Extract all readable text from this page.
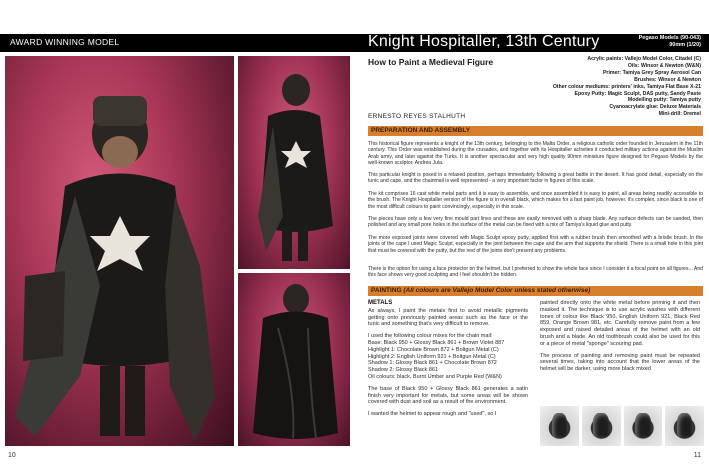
AWARD WINNING MODEL
10
Knight Hospitaller, 13th Century	Pegaso Models (90-043)
90mm (1/20)
How to Paint a Medieval Figure	Acrylic paints: Vallejo Model Color, Citadel (C)
Oils: Winsor & Newton (W&N)
Primer: Tamiya Grey Spray Aerosol Can
Brushes: Winsor & Newton
Other colour mediums: printers' inks, Tamiya Flat Base X-21
Epoxy Putty: Magic Sculpt, DAS putty, Sandy Paste
Modelling putty: Tamiya putty
Cyanoacrylate glue: Deluxe Materials
Mini-drill: Dremel
ERNESTO REYES STALHUTH
PREPARATION AND ASSEMBLY
This historical figure represents a knight of the 13th century, belonging to the Malta Order, a religious catholic order founded in Jerusalem in the 11th century. This Order was established during the crusades, and together with its Hospitaller activities it conducted military actions against the Muslim Arab army, and later against the Turks. It is another spectacular and very high quality 90mm miniature figure designed for Pegaso Models by the well-known sculptor, Andrea Jula.
This particular knight is posed in a relaxed position, perhaps immediately following a great battle in the desert. It has good detail, especially on the tunic and cape, and the chainmail is well represented - a very important factor in figures of this scale.
The kit comprises 16 cast white metal parts and it is easy to assemble, and once assembled it is easy to paint, all areas being readily accessible to the brush. The Knight Hospitaller version of the figure is in overall black, which makes for a fast paint job, however, it's complex, since black is one of the most difficult colours to paint convincingly, especially in this scale.
The pieces have only a few very fine mould part lines and these are easily removed with a sharp blade. Any surface defects can be sanded, then polished and any small pore holes in the surface of the metal can be fixed with a mix of Tamiya's liquid glue and putty.
The more exposed joints were covered with Magic Sculpt epoxy putty, applied first with a rubber brush then smoothed with a bristle brush. In the joints of the cape I used Magic Sculpt, especially in the joint between the cape and the arm that supports the shield. There is a small hole in this joint that must be covered with the putty, but the rest of the joints don't present any problems.
There is the option for using a face protector on the helmet, but I preferred to show the whole face since I consider it a focal point on all figures... And this face shows very good sculpting and I feel shouldn't be hidden.
PAINTING (All colours are Vallejo Model Color unless stated otherwise)
METALS

As always, I paint the metals first to avoid metallic pigments getting onto previously painted areas such as the face or the tunic and something that's very difficult to remove.

I used the following colour mixes for the chain mail:
Base: Black 950 + Glossy Black 861 + Brown Violet 887
Highlight 1: Chocolate Brown 872 + Boltgun Metal (C)
Highlight 2: English Uniform 921 + Boltgun Metal (C)
Shadow 1: Glossy Black 861 + Chocolate Brown 872
Shadow 2: Glossy Black 861
Oil colours: black, Burnt Umber and Purple Red (W&N)

The base of Black 950 + Glossy Black 861 generates a satin finish very important for metals, but some areas will be shown covered with dust and soil as a result of the environment.

I wanted the helmet to appear rough and "used", so I

painted directly onto the white metal before priming it and then masked it. The technique is to use acrylic washes with different tones of colour like Black 950, English Uniform 921, Black Red 859, Orange Brown 981, etc. Carefully remove paint from a few exposed and raised detailed areas of the helmet with an old brush and a blade. An old toothbrush could also be used for this or a piece of metal "sponge" scouring pad.

The process of painting and removing paint must be repeated several times, taking into account that the lower areas of the helmet will be darker, using more black mixed

11
